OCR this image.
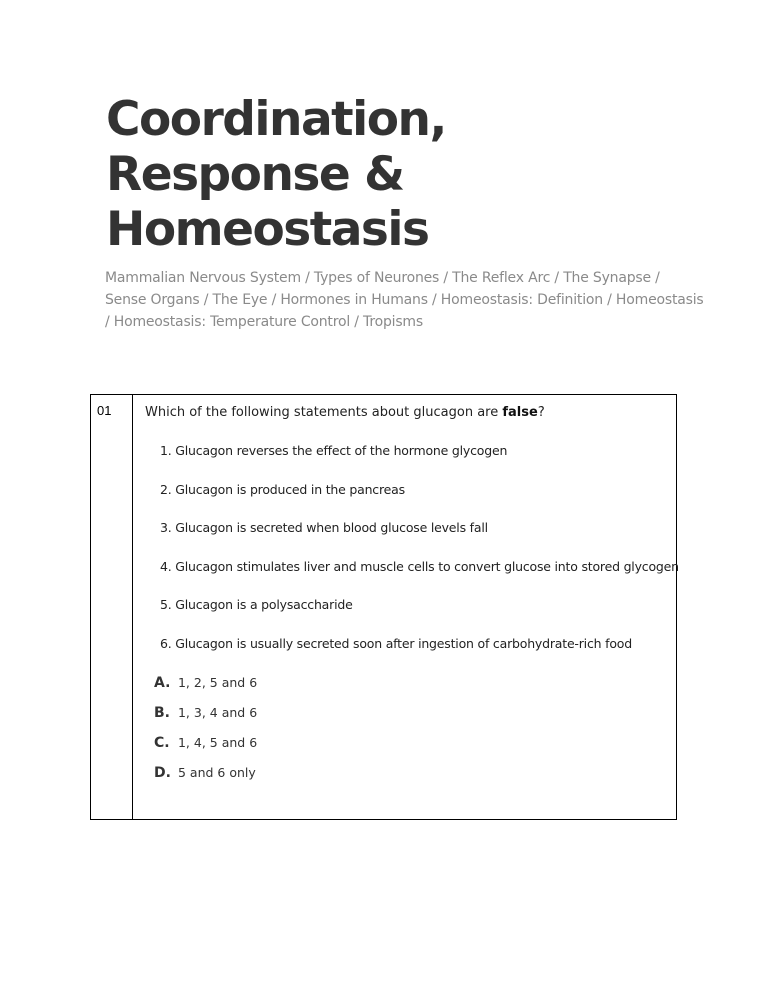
Coordination,
Response &
Homeostasis

Mammalian Nervous System / Types of Neurones / The Reflex Arc / The Synapse / Sense Organs / The Eye / Hormones in Humans / Homeostasis: Definition / Homeostasis / Homeostasis: Temperature Control / Tropisms

01	Which of the following statements about glucagon are false?
1. Glucagon reverses the effect of the hormone glycogen
2. Glucagon is produced in the pancreas
3. Glucagon is secreted when blood glucose levels fall
4. Glucagon stimulates liver and muscle cells to convert glucose into stored glycogen
5. Glucagon is a polysaccharide
6. Glucagon is usually secreted soon after ingestion of carbohydrate-rich food
A. 1, 2, 5 and 6
B. 1, 3, 4 and 6
C. 1, 4, 5 and 6
D. 5 and 6 only
